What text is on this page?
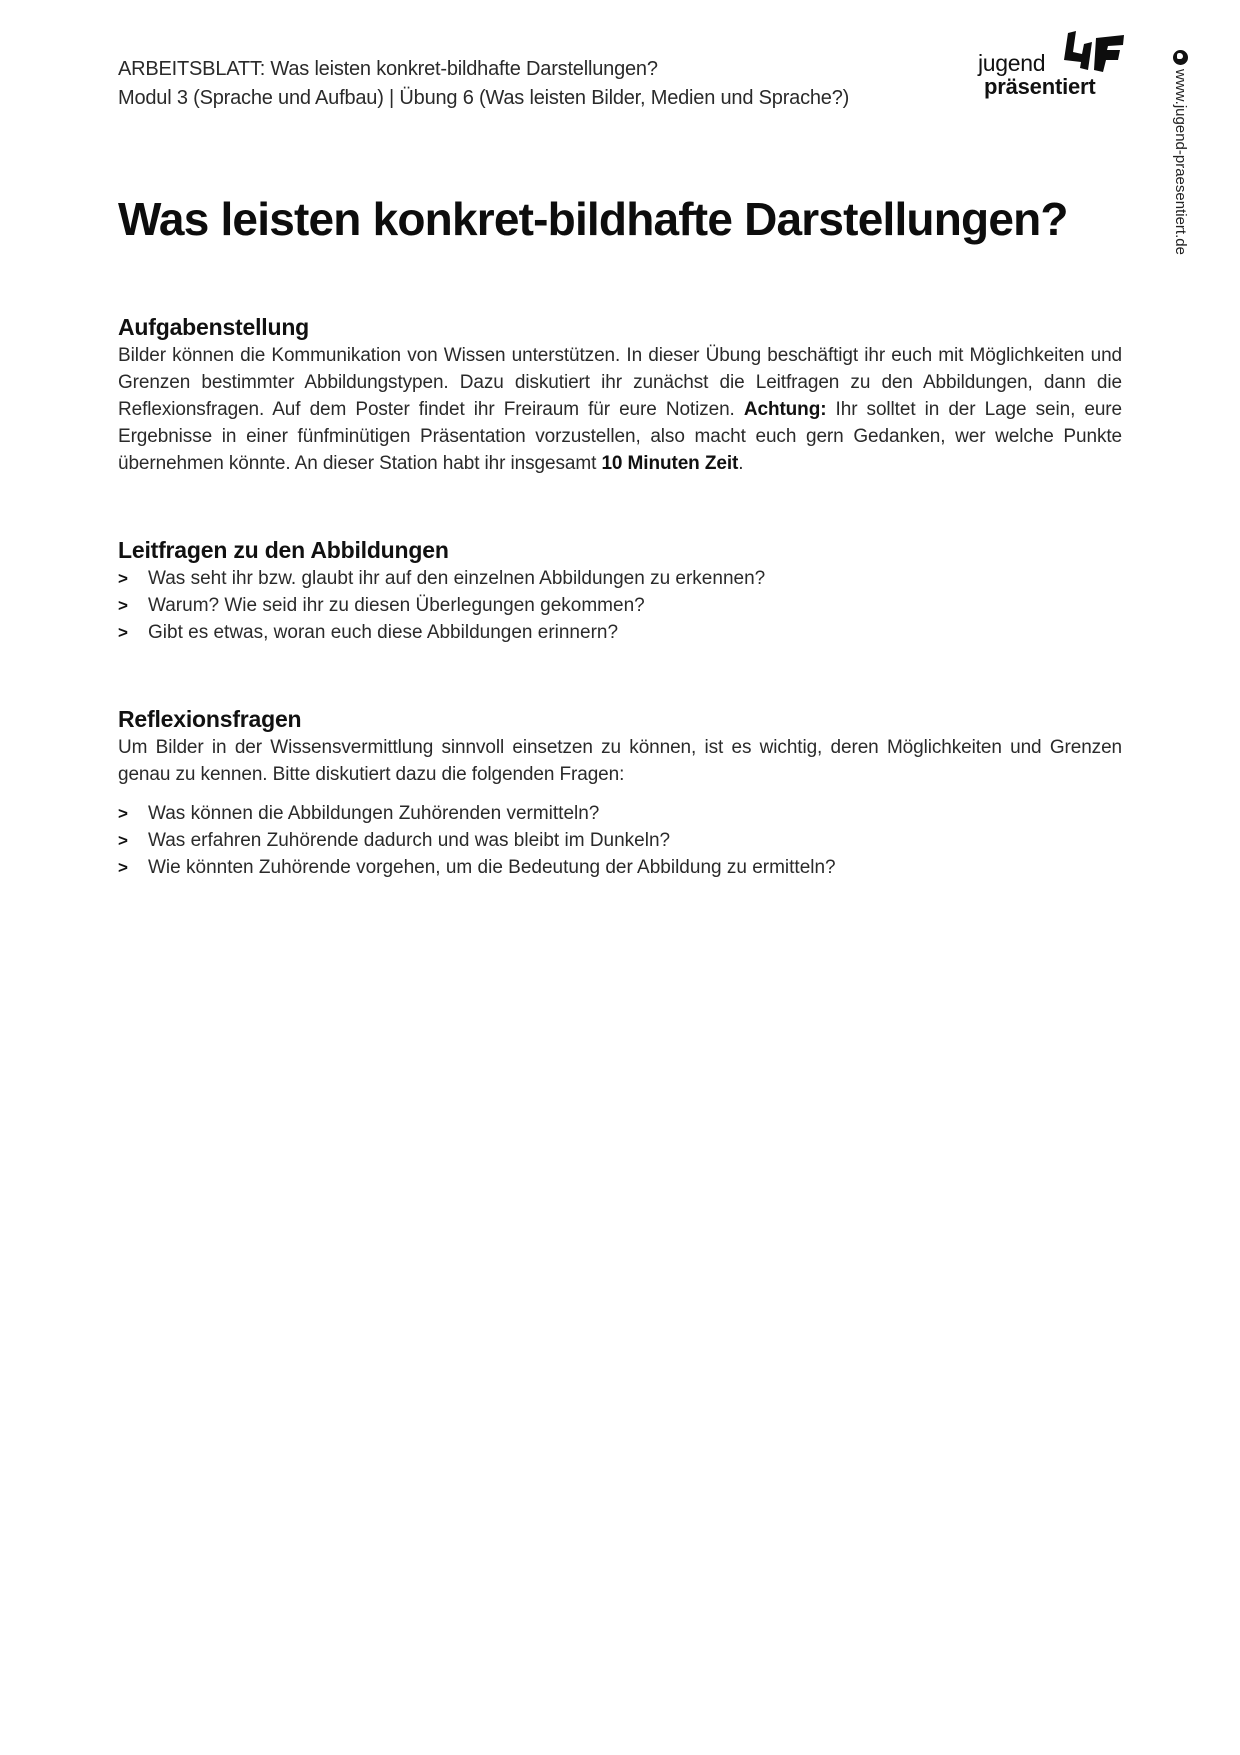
ARBEITSBLATT: Was leisten konkret-bildhafte Darstellungen?
Modul 3 (Sprache und Aufbau) | Übung 6 (Was leisten Bilder, Medien und Sprache?)
jugend
präsentiert	www.jugend-praesentiert.de
Was leisten konkret-bildhafte Darstellungen?
Aufgabenstellung

Bilder können die Kommunikation von Wissen unterstützen. In dieser Übung beschäftigt ihr euch mit Möglichkeiten und Grenzen bestimmter Abbildungstypen. Dazu diskutiert ihr zunächst die Leitfragen zu den Abbildungen, dann die Reflexionsfragen. Auf dem Poster findet ihr Freiraum für eure Notizen. Achtung: Ihr solltet in der Lage sein, eure Ergebnisse in einer fünfminütigen Präsentation vorzustellen, also macht euch gern Gedanken, wer welche Punkte übernehmen könnte. An dieser Station habt ihr insgesamt 10 Minuten Zeit.

Leitfragen zu den Abbildungen
>	Was seht ihr bzw. glaubt ihr auf den einzelnen Abbildungen zu erkennen?
>	Warum? Wie seid ihr zu diesen Überlegungen gekommen?
>	Gibt es etwas, woran euch diese Abbildungen erinnern?
Reflexionsfragen

Um Bilder in der Wissensvermittlung sinnvoll einsetzen zu können, ist es wichtig, deren Möglichkeiten und Grenzen genau zu kennen. Bitte diskutiert dazu die folgenden Fragen:

>	Was können die Abbildungen Zuhörenden vermitteln?
>	Was erfahren Zuhörende dadurch und was bleibt im Dunkeln?
>	Wie könnten Zuhörende vorgehen, um die Bedeutung der Abbildung zu ermitteln?
